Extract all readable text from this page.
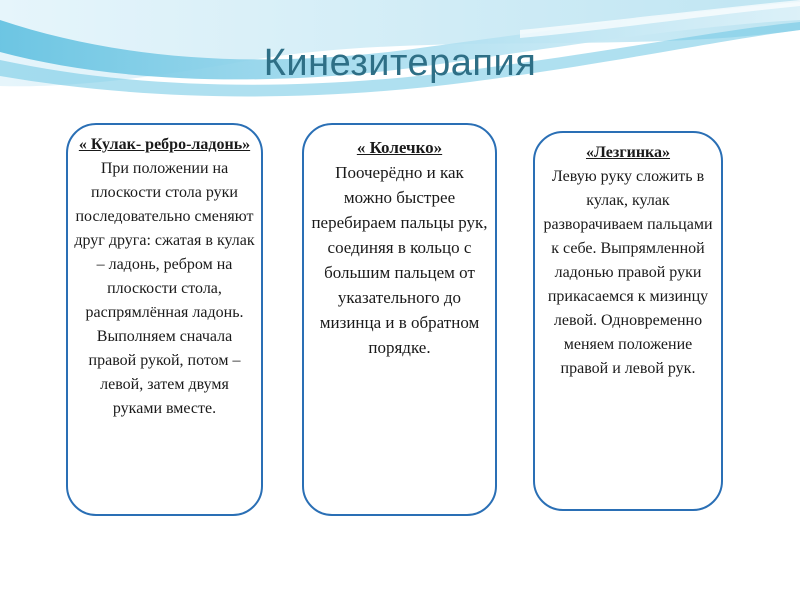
Кинезитерапия
« Кулак- ребро-ладонь»
При положении на плоскости стола руки последовательно сменяют друг друга: сжатая в кулак – ладонь, ребром на плоскости стола, распрямлённая ладонь. Выполняем сначала правой рукой, потом – левой, затем двумя руками вместе.
« Колечко»
Поочерёдно и как можно быстрее перебираем пальцы рук, соединяя в кольцо с большим пальцем от указательного до мизинца и в обратном порядке.
«Лезгинка»
Левую руку сложить в кулак, кулак разворачиваем пальцами к себе. Выпрямленной ладонью правой руки прикасаемся к мизинцу левой. Одновременно меняем положение правой и левой рук.
